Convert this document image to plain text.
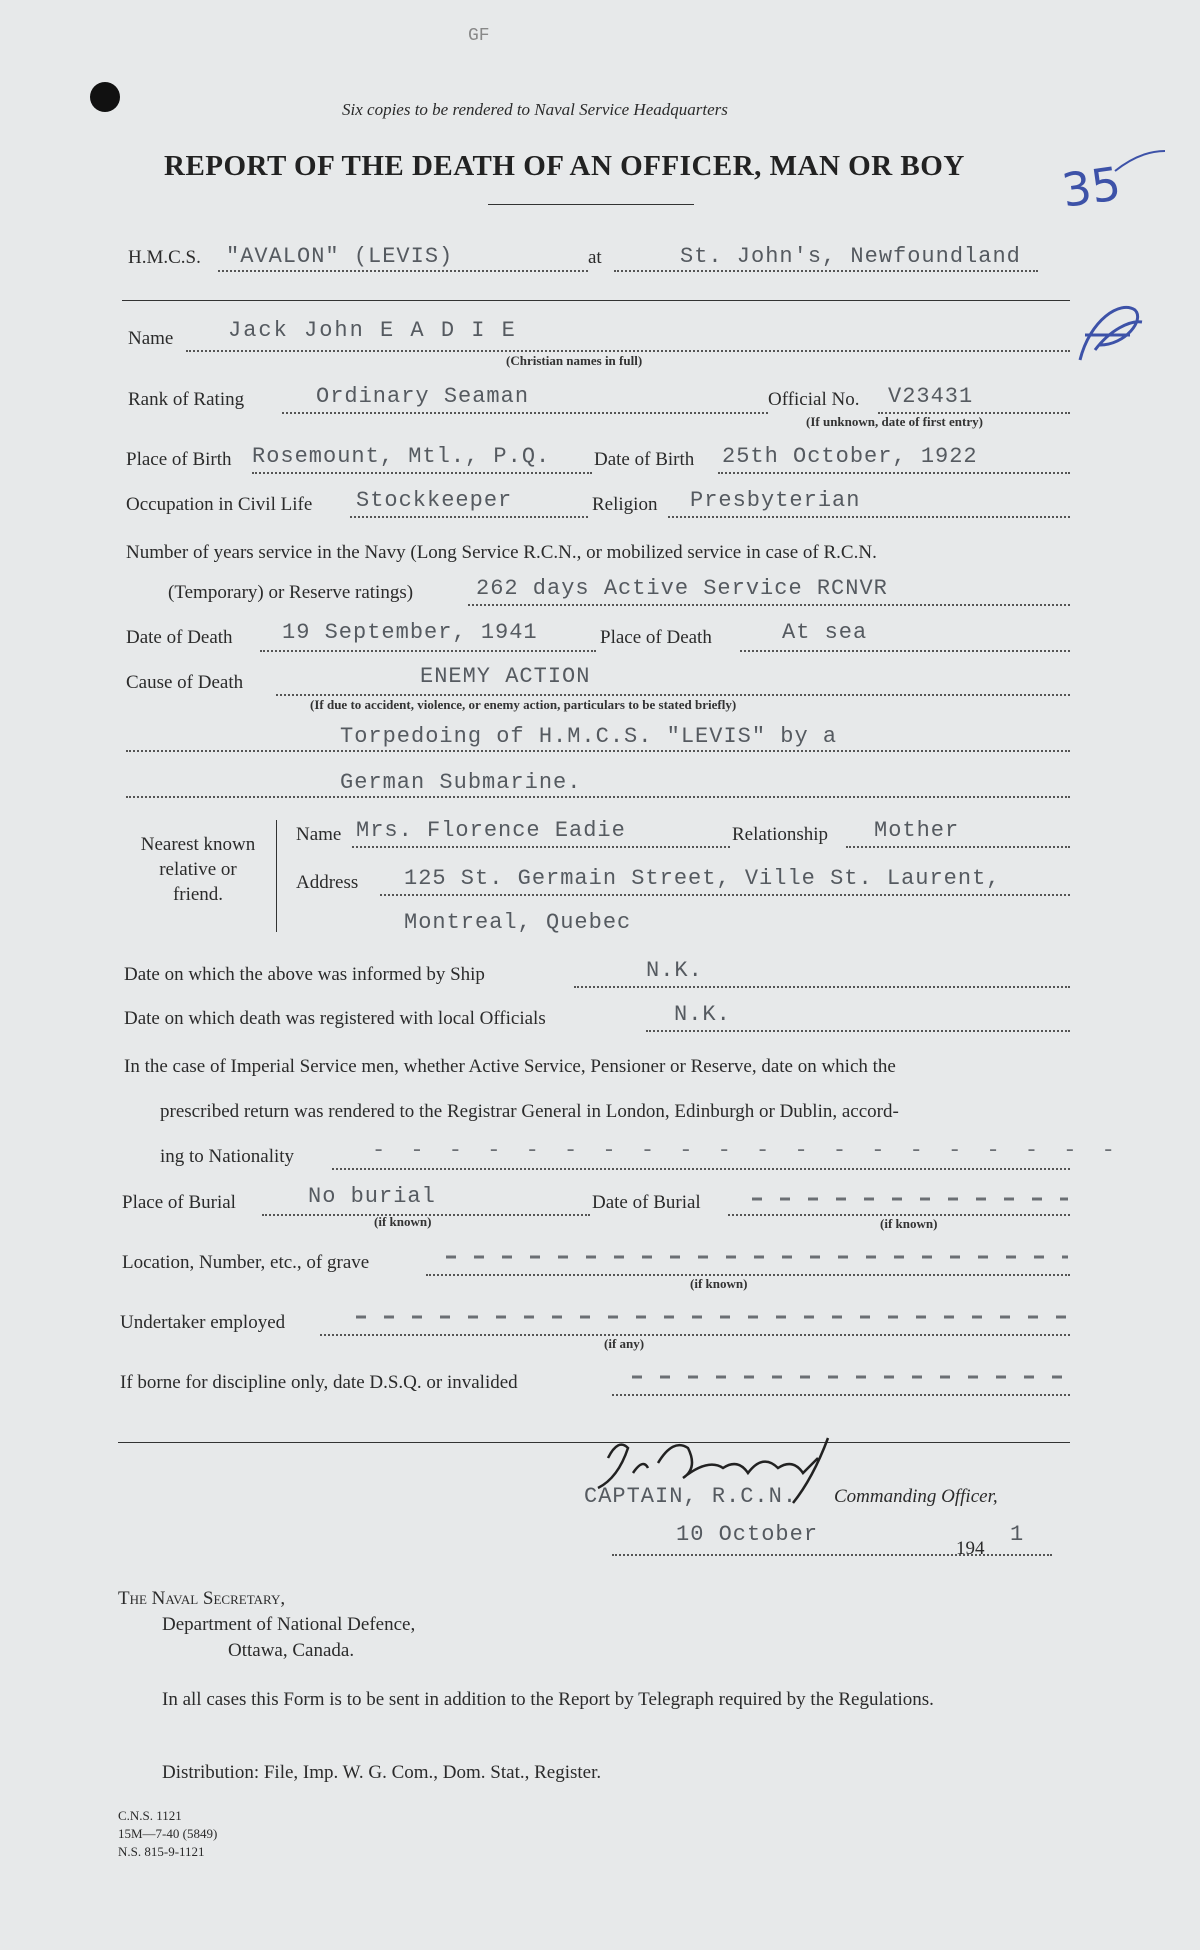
GF
Six copies to be rendered to Naval Service Headquarters
REPORT OF THE DEATH OF AN OFFICER, MAN OR BOY 35
H.M.C.S. "AVALON" (LEVIS)	at	St. John's, Newfoundland
Name Jack John E A D I E
(Christian names in full)
Rank of Rating	Ordinary Seaman	Official No. V23431
(If unknown, date of first entry)
Place of Birth Rosemount, Mtl., P.Q. Date of Birth 25th October, 1922
Occupation in Civil Life Stockkeeper	Religion Presbyterian
Number of years service in the Navy (Long Service R.C.N., or mobilized service in case of R.C.N.
(Temporary) or Reserve ratings)	262 days Active Service RCNVR
Date of Death 19 September, 1941	Place of Death	At sea
Cause of Death	ENEMY ACTION
(If due to accident, violence, or enemy action, particulars to be stated briefly)
Torpedoing of H.M.C.S. "LEVIS" by a
German Submarine.
Nearest known
relative or
friend.
Name Mrs. Florence Eadie	Relationship Mother
Address 125 St. Germain Street, Ville St. Laurent,
Montreal, Quebec
Date on which the above was informed by Ship	N.K.
Date on which death was registered with local Officials	N.K.
In the case of Imperial Service men, whether Active Service, Pensioner or Reserve, date on which the
prescribed return was rendered to the Registrar General in London, Edinburgh or Dublin, accord-
ing to Nationality	- - - - - - - - - - - - - - - - - - - -
Place of Burial	No burial
(if known)
Date of Burial
(if known)
Location, Number, etc., of grave
(if known)
Undertaker employed
(if any)
If borne for discipline only, date D.S.Q. or invalided
CAPTAIN, R.C.N. Commanding Officer,
10 October
194
1
The Naval Secretary,
Department of National Defence,
Ottawa, Canada.
In all cases this Form is to be sent in addition to the Report by Telegraph required by the Regulations.
Distribution: File, Imp. W. G. Com., Dom. Stat., Register.
C.N.S. 1121
15M—7-40 (5849)
N.S. 815-9-1121
